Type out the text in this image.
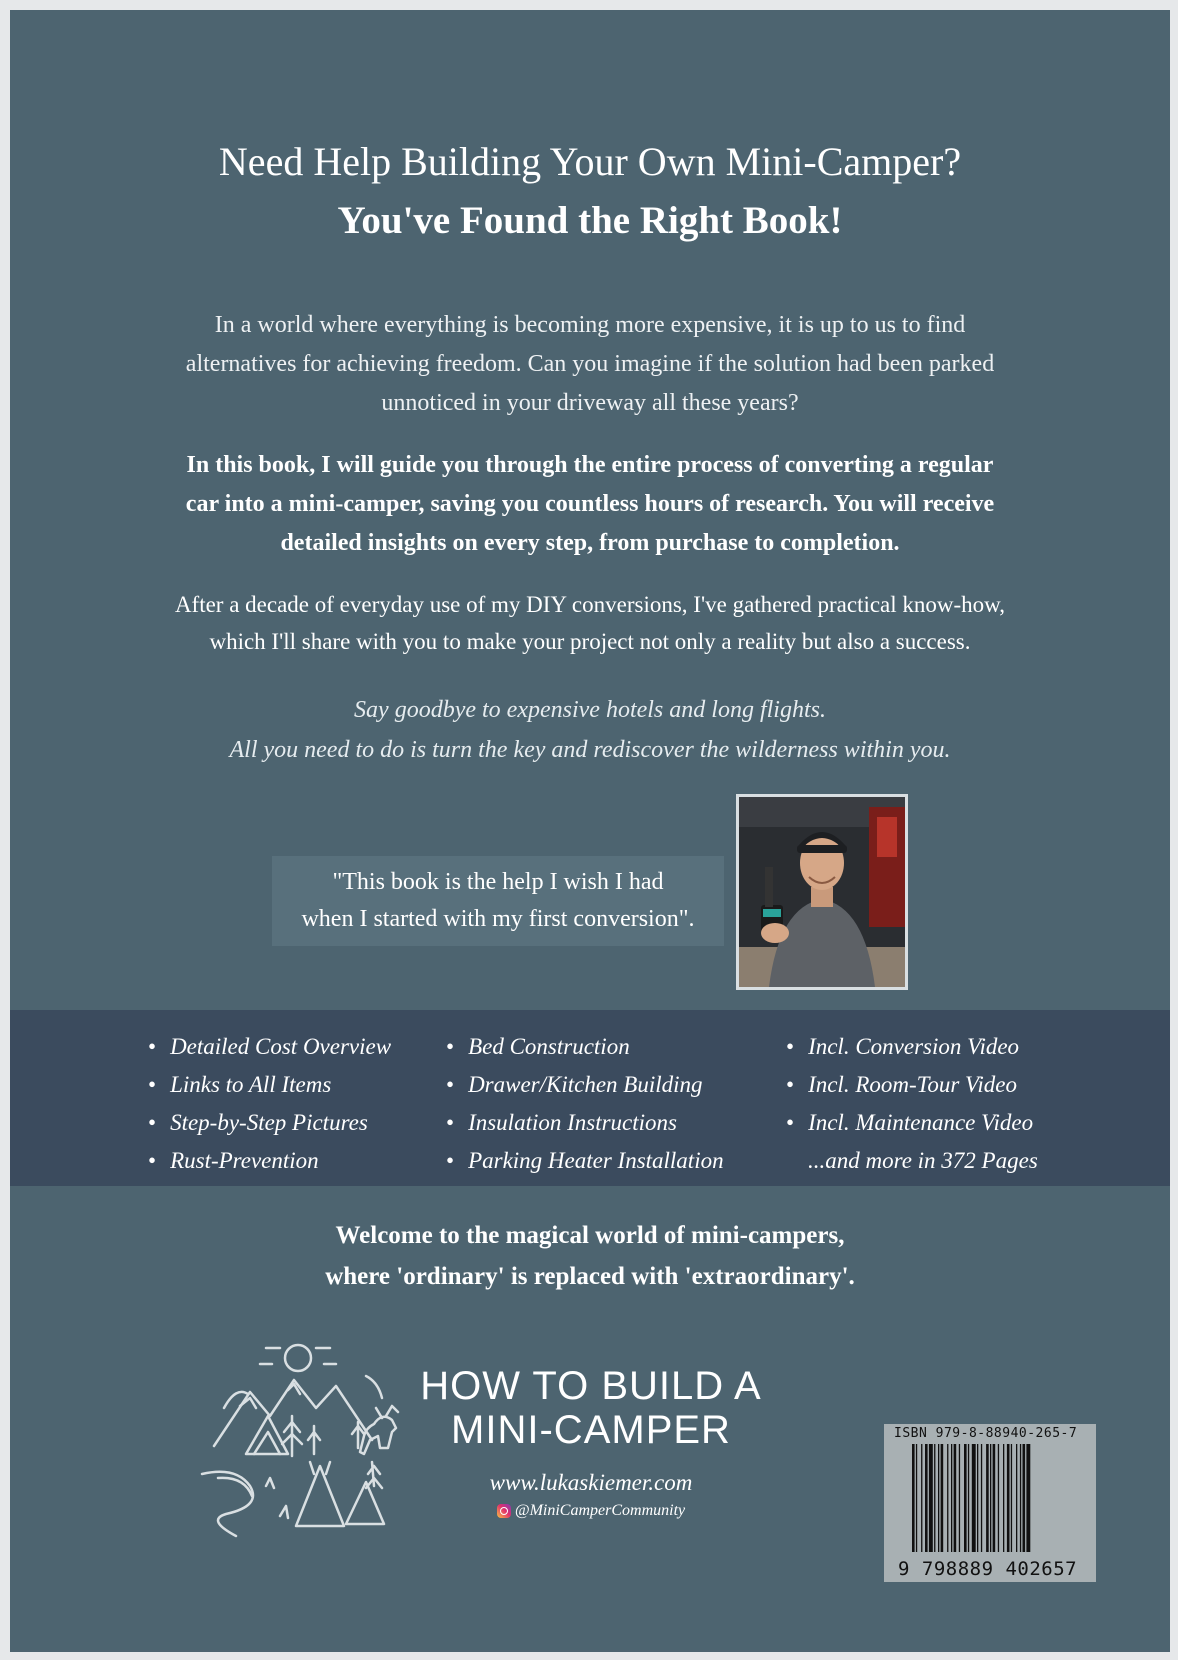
Need Help Building Your Own Mini-Camper?
You've Found the Right Book!
In a world where everything is becoming more expensive, it is up to us to find
alternatives for achieving freedom. Can you imagine if the solution had been parked
unnoticed in your driveway all these years?
In this book, I will guide you through the entire process of converting a regular
car into a mini-camper, saving you countless hours of research. You will receive
detailed insights on every step, from purchase to completion.
After a decade of everyday use of my DIY conversions, I've gathered practical know-how,
which I'll share with you to make your project not only a reality but also a success.
Say goodbye to expensive hotels and long flights.
All you need to do is turn the key and rediscover the wilderness within you.
"This book is the help I wish I had
when I started with my first conversion".
• Detailed Cost Overview
• Links to All Items
• Step-by-Step Pictures
• Rust-Prevention
• Bed Construction
• Drawer/Kitchen Building
• Insulation Instructions
• Parking Heater Installation
• Incl. Conversion Video
• Incl. Room-Tour Video
• Incl. Maintenance Video
...and more in 372 Pages
Welcome to the magical world of mini-campers,
where 'ordinary' is replaced with 'extraordinary'.
HOW TO BUILD A
MINI-CAMPER
www.lukaskiemer.com
@MiniCamperCommunity
ISBN 979-8-88940-265-7
9 798889 402657
